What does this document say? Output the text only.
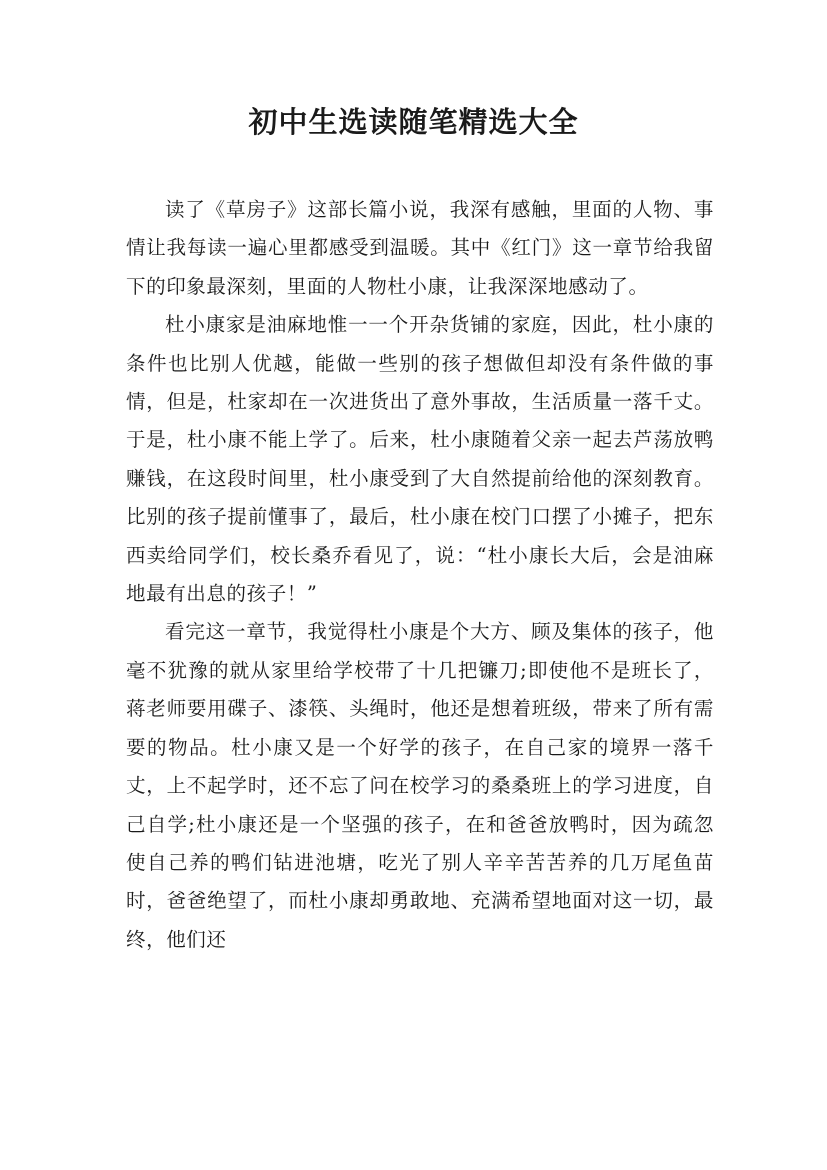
初中生选读随笔精选大全

读了《草房子》这部长篇小说，我深有感触，里面的人物、事情让我每读一遍心里都感受到温暖。其中《红门》这一章节给我留下的印象最深刻，里面的人物杜小康，让我深深地感动了。

杜小康家是油麻地惟一一个开杂货铺的家庭，因此，杜小康的条件也比别人优越，能做一些别的孩子想做但却没有条件做的事情，但是，杜家却在一次进货出了意外事故，生活质量一落千丈。于是，杜小康不能上学了。后来，杜小康随着父亲一起去芦荡放鸭赚钱，在这段时间里，杜小康受到了大自然提前给他的深刻教育。比别的孩子提前懂事了，最后，杜小康在校门口摆了小摊子，把东西卖给同学们，校长桑乔看见了，说：“杜小康长大后，会是油麻地最有出息的孩子！”

看完这一章节，我觉得杜小康是个大方、顾及集体的孩子，他毫不犹豫的就从家里给学校带了十几把镰刀;即使他不是班长了，蒋老师要用碟子、漆筷、头绳时，他还是想着班级，带来了所有需要的物品。杜小康又是一个好学的孩子，在自己家的境界一落千丈，上不起学时，还不忘了问在校学习的桑桑班上的学习进度，自己自学;杜小康还是一个坚强的孩子，在和爸爸放鸭时，因为疏忽使自己养的鸭们钻进池塘，吃光了别人辛辛苦苦养的几万尾鱼苗时，爸爸绝望了，而杜小康却勇敢地、充满希望地面对这一切，最终，他们还
